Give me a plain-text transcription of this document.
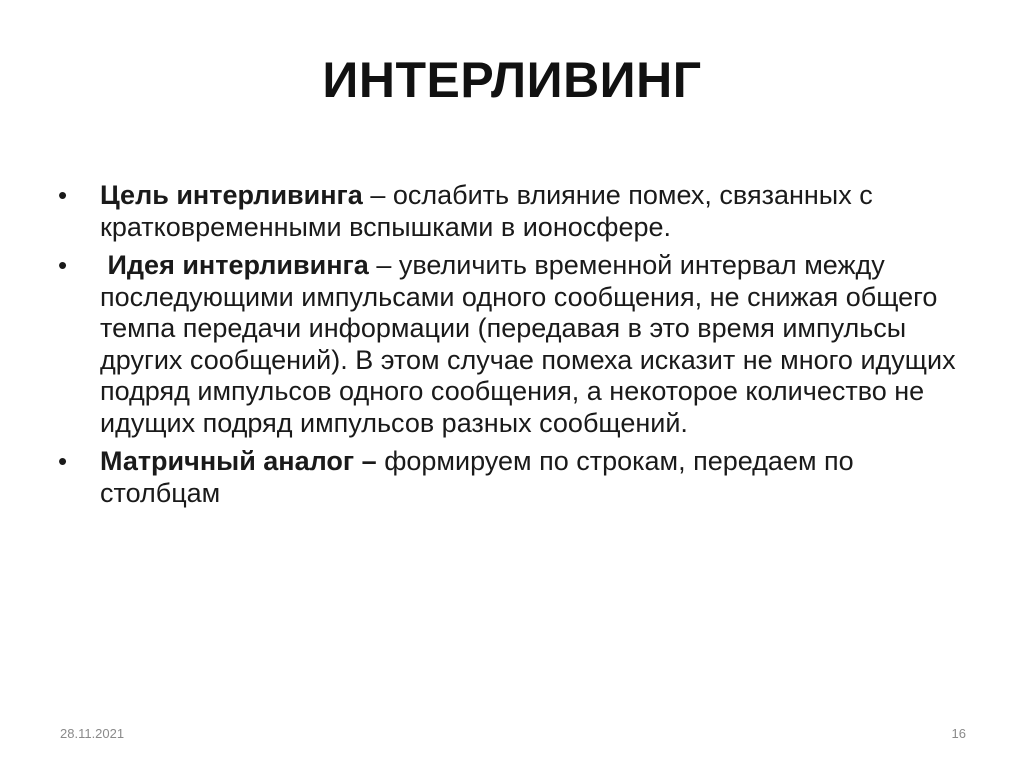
ИНТЕРЛИВИНГ
• Цель интерливинга – ослабить влияние помех, связанных с кратковременными вспышками в ионосфере.
• Идея интерливинга – увеличить временной интервал между последующими импульсами одного сообщения, не снижая общего темпа передачи информации (передавая в это время импульсы других сообщений). В этом случае помеха исказит не много идущих подряд импульсов одного сообщения, а некоторое количество не идущих подряд импульсов разных сообщений.
• Матричный аналог – формируем по строкам, передаем по столбцам
28.11.2021	16
